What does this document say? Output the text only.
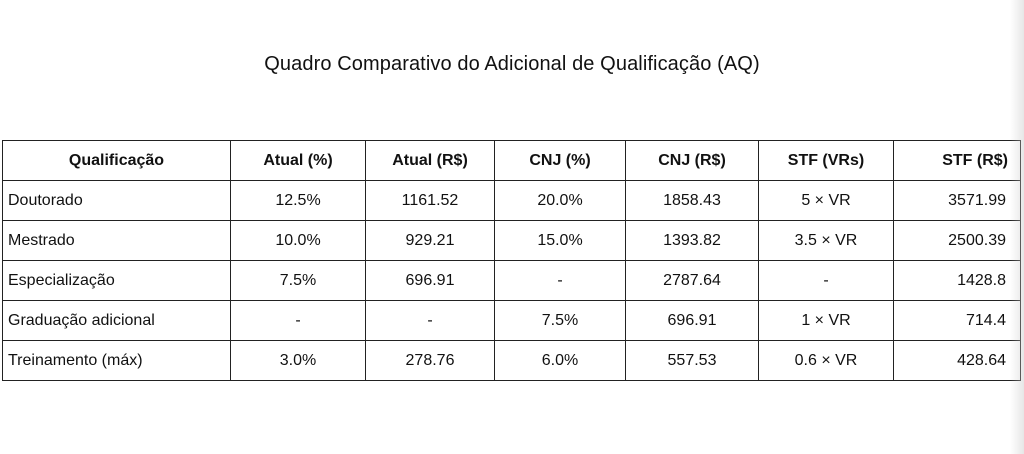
Quadro Comparativo do Adicional de Qualificação (AQ)
Qualificação	Atual (%)	Atual (R$)	CNJ (%)	CNJ (R$)	STF (VRs)	STF (R$)
Doutorado	12.5%	1161.52	20.0%	1858.43	5 × VR	3571.99
Mestrado	10.0%	929.21	15.0%	1393.82	3.5 × VR	2500.39
Especialização	7.5%	696.91	-	2787.64	-	1428.8
Graduação adicional	-	-	7.5%	696.91	1 × VR	714.4
Treinamento (máx)	3.0%	278.76	6.0%	557.53	0.6 × VR	428.64
